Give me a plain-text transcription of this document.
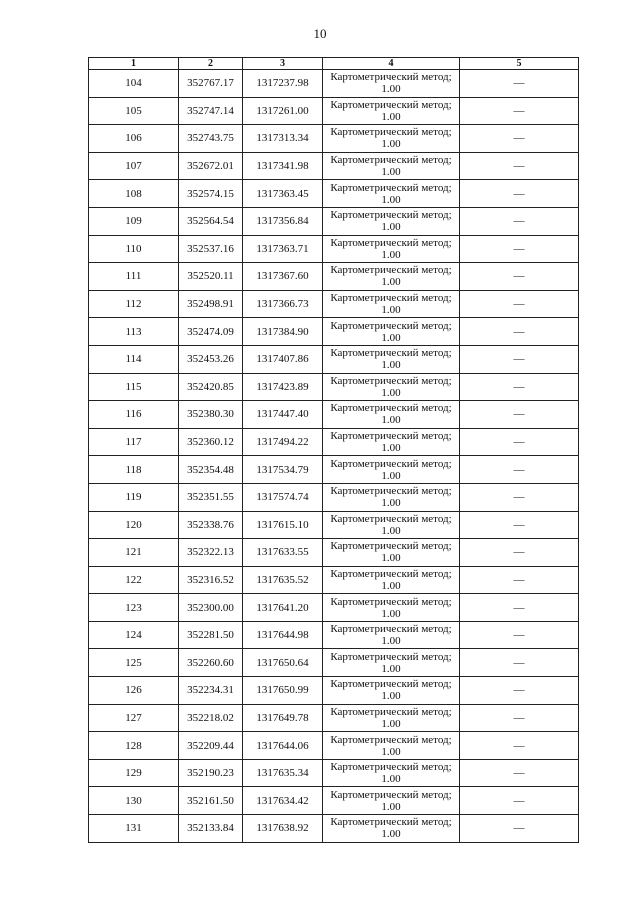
10
1	2	3	4	5
104	352767.17	1317237.98	Картометрический метод; 1.00	—
105	352747.14	1317261.00	Картометрический метод; 1.00	—
106	352743.75	1317313.34	Картометрический метод; 1.00	—
107	352672.01	1317341.98	Картометрический метод; 1.00	—
108	352574.15	1317363.45	Картометрический метод; 1.00	—
109	352564.54	1317356.84	Картометрический метод; 1.00	—
110	352537.16	1317363.71	Картометрический метод; 1.00	—
111	352520.11	1317367.60	Картометрический метод; 1.00	—
112	352498.91	1317366.73	Картометрический метод; 1.00	—
113	352474.09	1317384.90	Картометрический метод; 1.00	—
114	352453.26	1317407.86	Картометрический метод; 1.00	—
115	352420.85	1317423.89	Картометрический метод; 1.00	—
116	352380.30	1317447.40	Картометрический метод; 1.00	—
117	352360.12	1317494.22	Картометрический метод; 1.00	—
118	352354.48	1317534.79	Картометрический метод; 1.00	—
119	352351.55	1317574.74	Картометрический метод; 1.00	—
120	352338.76	1317615.10	Картометрический метод; 1.00	—
121	352322.13	1317633.55	Картометрический метод; 1.00	—
122	352316.52	1317635.52	Картометрический метод; 1.00	—
123	352300.00	1317641.20	Картометрический метод; 1.00	—
124	352281.50	1317644.98	Картометрический метод; 1.00	—
125	352260.60	1317650.64	Картометрический метод; 1.00	—
126	352234.31	1317650.99	Картометрический метод; 1.00	—
127	352218.02	1317649.78	Картометрический метод; 1.00	—
128	352209.44	1317644.06	Картометрический метод; 1.00	—
129	352190.23	1317635.34	Картометрический метод; 1.00	—
130	352161.50	1317634.42	Картометрический метод; 1.00	—
131	352133.84	1317638.92	Картометрический метод; 1.00	—
